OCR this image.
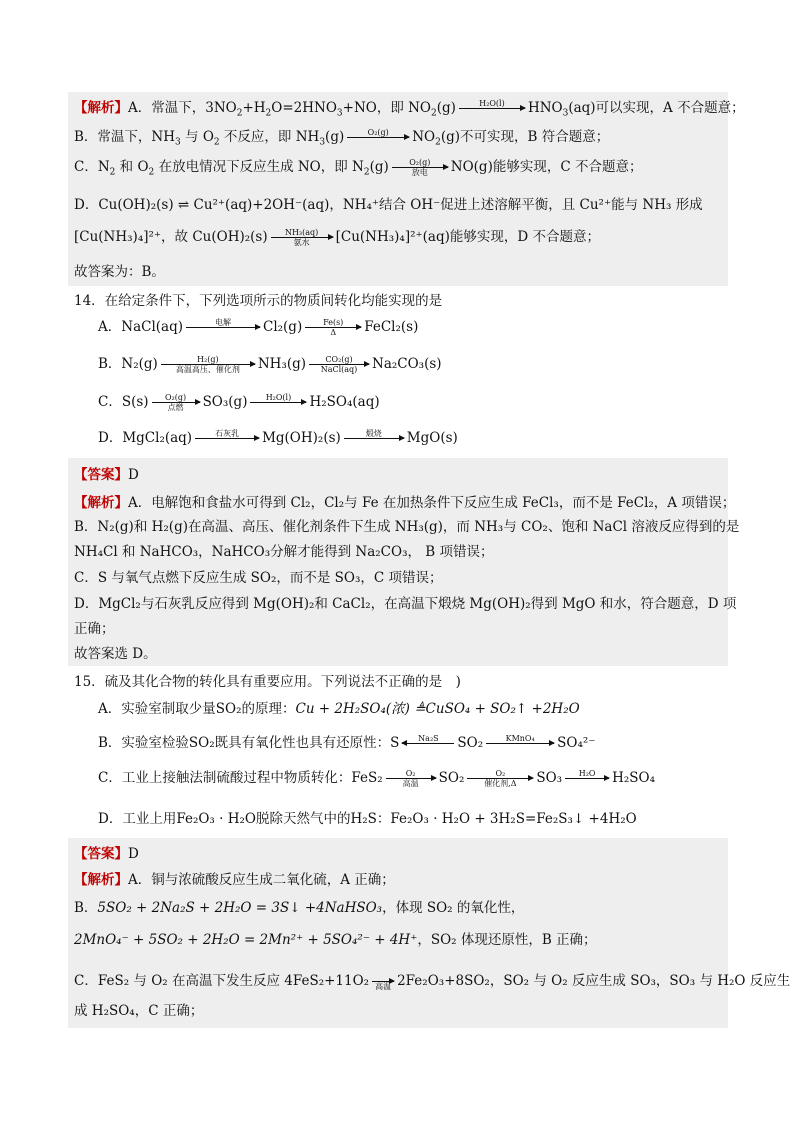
【解析】A．常温下，$3NO_2+H_2O=2HNO_3+NO$，即 $NO_2(g)$	H₂O(l)
	$HNO_3(aq)$可以实现，A 不合题意；
B．常温下，$NH_3$ 与 $O_2$ 不反应，即 $NH_3(g)$	O₂(g)
	$NO_2(g)$不可实现，B 符合题意；
C．$N_2$ 和 $O_2$ 在放电情况下反应生成 NO，即 $N_2(g)$	O₂(g)
放电	NO(g)能够实现，C 不合题意；
D．Cu(OH)₂(s) ⇌ Cu²⁺(aq)+2OH⁻(aq)，NH₄⁺结合 OH⁻促进上述溶解平衡，且 Cu²⁺能与 NH₃ 形成
[Cu(NH₃)₄]²⁺，故 Cu(OH)₂(s)	NH₃(aq)
氨水	[Cu(NH₃)₄]²⁺(aq)能够实现，D 不合题意；
故答案为：B。
14．在给定条件下，下列选项所示的物质间转化均能实现的是
A．NaCl(aq)	电解
	$Cl_2(g) \frac{Fe(s)}{\Delta}$ FeCl₂(s)
B．N₂(g)	H₂(g)
高温高压、催化剂	NH₃(g)	CO₂(g)
NaCl(aq)	Na₂CO₃(s)
C．S(s)	O₂(g)
点燃	SO₃(g)	H₂O(l)
	H₂SO₄(aq)
D．MgCl₂(aq)	石灰乳
	Mg(OH)₂(s)	煅烧
	MgO(s)
【答案】D
【解析】A．电解饱和食盐水可得到 Cl₂，Cl₂与 Fe 在加热条件下反应生成 FeCl₃，而不是 FeCl₂，A 项错误；
B．N₂(g)和 H₂(g)在高温、高压、催化剂条件下生成 NH₃(g)，而 NH₃与 CO₂、饱和 NaCl 溶液反应得到的是
NH₄Cl 和 NaHCO₃，NaHCO₃分解才能得到 Na₂CO₃， B 项错误；
C．S 与氧气点燃下反应生成 SO₂，而不是 SO₃，C 项错误；
D．MgCl₂与石灰乳反应得到 Mg(OH)₂和 CaCl₂，在高温下煅烧 Mg(OH)₂得到 MgO 和水，符合题意，D 项
正确；
故答案选 D。
15．硫及其化合物的转化具有重要应用。下列说法不正确的是　)
A．实验室制取少量SO₂的原理：Cu + 2H₂SO₄(浓) ≜CuSO₄ + SO₂↑ +2H₂O
B．实验室检验SO₂既具有氧化性也具有还原性：S	Na₂S
	SO₂	KMnO₄
	SO₄²⁻
C．工业上接触法制硫酸过程中物质转化：FeS₂	O₂
高温	SO₂	O₂
催化剂,Δ	SO₃	H₂O
	H₂SO₄
D．工业上用Fe₂O₃ · H₂O脱除天然气中的H₂S：Fe₂O₃ · H₂O + 3H₂S=Fe₂S₃↓ +4H₂O
【答案】D
【解析】A．铜与浓硫酸反应生成二氧化硫，A 正确；
B．5SO₂ + 2Na₂S + 2H₂O = 3S↓ +4NaHSO₃，体现 SO₂ 的氧化性，
2MnO₄⁻ + 5SO₂ + 2H₂O = 2Mn²⁺ + 5SO₄²⁻ + 4H⁺，SO₂ 体现还原性，B 正确；
C．FeS₂ 与 O₂ 在高温下发生反应 4FeS₂+11O₂
高温 2Fe₂O₃+8SO₂，SO₂ 与 O₂ 反应生成 SO₃，SO₃ 与 H₂O 反应生
成 H₂SO₄，C 正确；
